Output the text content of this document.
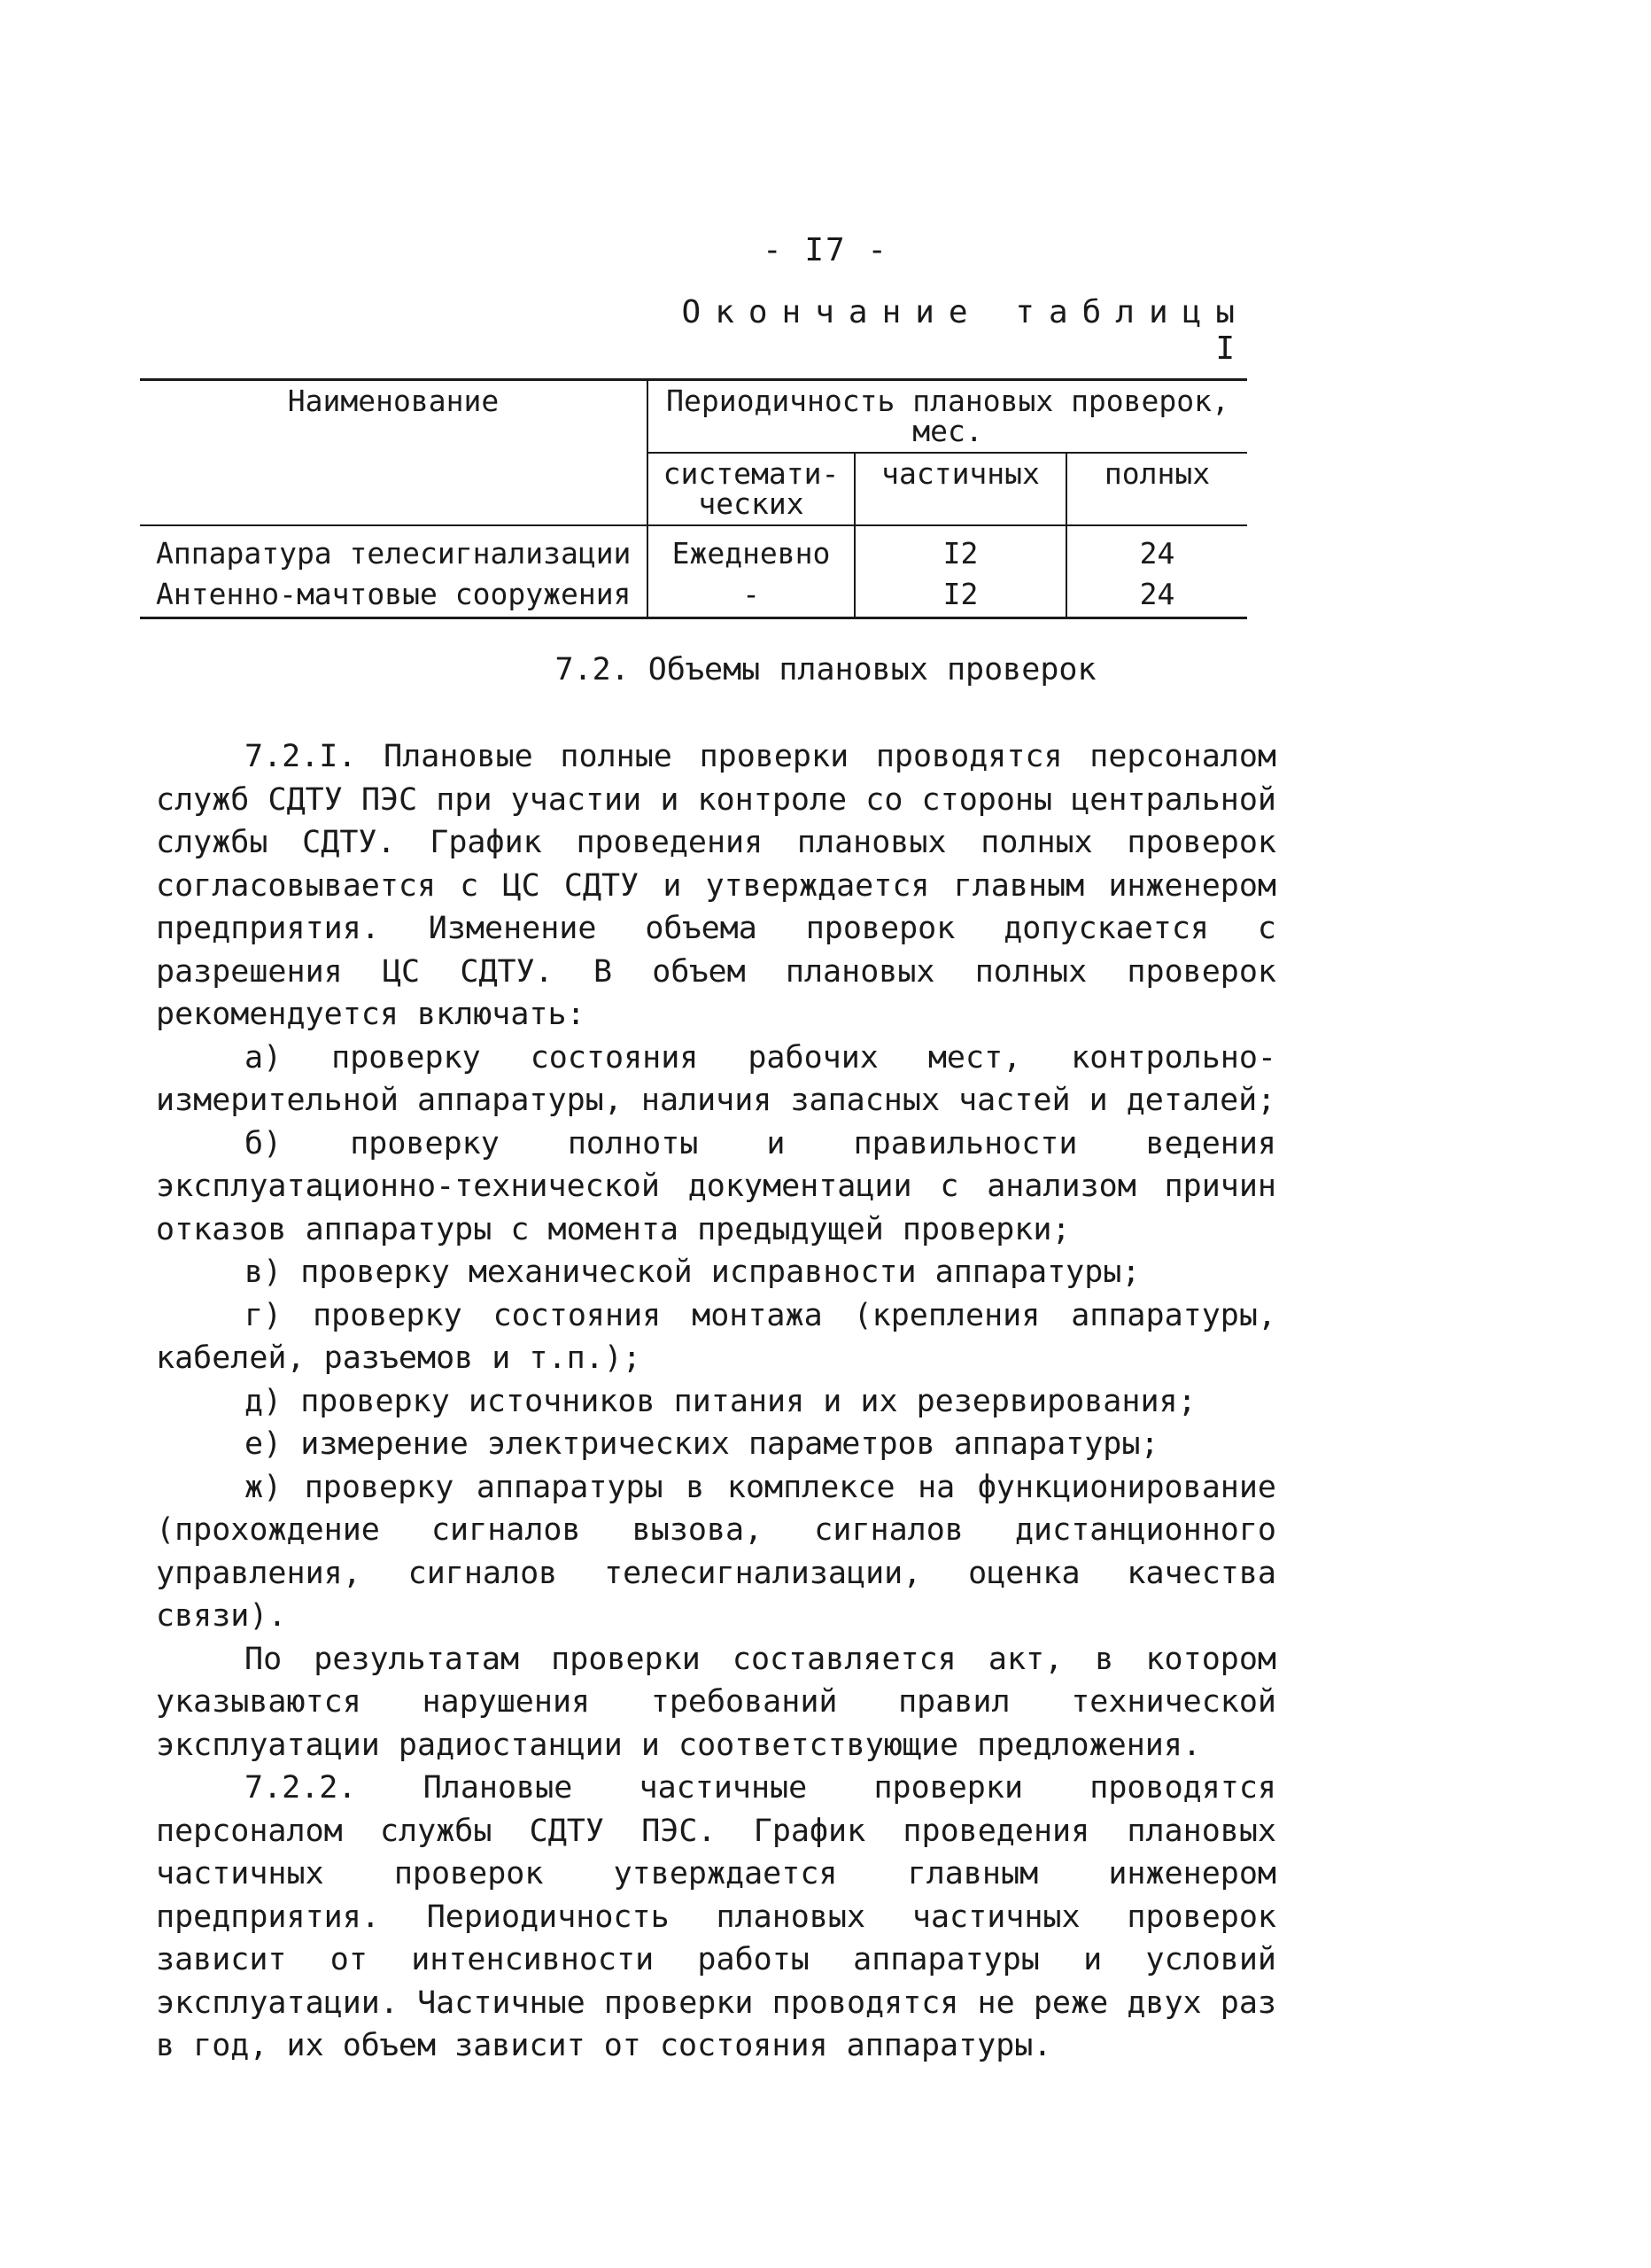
- I7 -
Окончание таблицы I
Наименование	Периодичность плановых проверок, мес.		
	системати-ческих	частичных	полных
Аппаратура телесигнализации	Ежедневно	I2	24
Антенно-мачтовые сооружения	-	I2	24
7.2. Объемы плановых проверок

7.2.I. Плановые полные проверки проводятся персоналом служб СДТУ ПЭС при участии и контроле со стороны центральной службы СДТУ. График проведения плановых полных проверок согласовывается с ЦС СДТУ и утверждается главным инженером предприятия. Изменение объема проверок допускается с разрешения ЦС СДТУ. В объем плановых полных проверок рекомендуется включать:

а) проверку состояния рабочих мест, контрольно-измерительной аппаратуры, наличия запасных частей и деталей;

б) проверку полноты и правильности ведения эксплуатационно-технической документации с анализом причин отказов аппаратуры с момента предыдущей проверки;

в) проверку механической исправности аппаратуры;

г) проверку состояния монтажа (крепления аппаратуры, кабелей, разъемов и т.п.);

д) проверку источников питания и их резервирования;

е) измерение электрических параметров аппаратуры;

ж) проверку аппаратуры в комплексе на функционирование (прохождение сигналов вызова, сигналов дистанционного управления, сигналов телесигнализации, оценка качества связи).

По результатам проверки составляется акт, в котором указываются нарушения требований правил технической эксплуатации радиостанции и соответствующие предложения.

7.2.2. Плановые частичные проверки проводятся персоналом службы СДТУ ПЭС. График проведения плановых частичных проверок утверждается главным инженером предприятия. Периодичность плановых частичных проверок зависит от интенсивности работы аппаратуры и условий эксплуатации. Частичные проверки проводятся не реже двух раз в год, их объем зависит от состояния аппаратуры.
